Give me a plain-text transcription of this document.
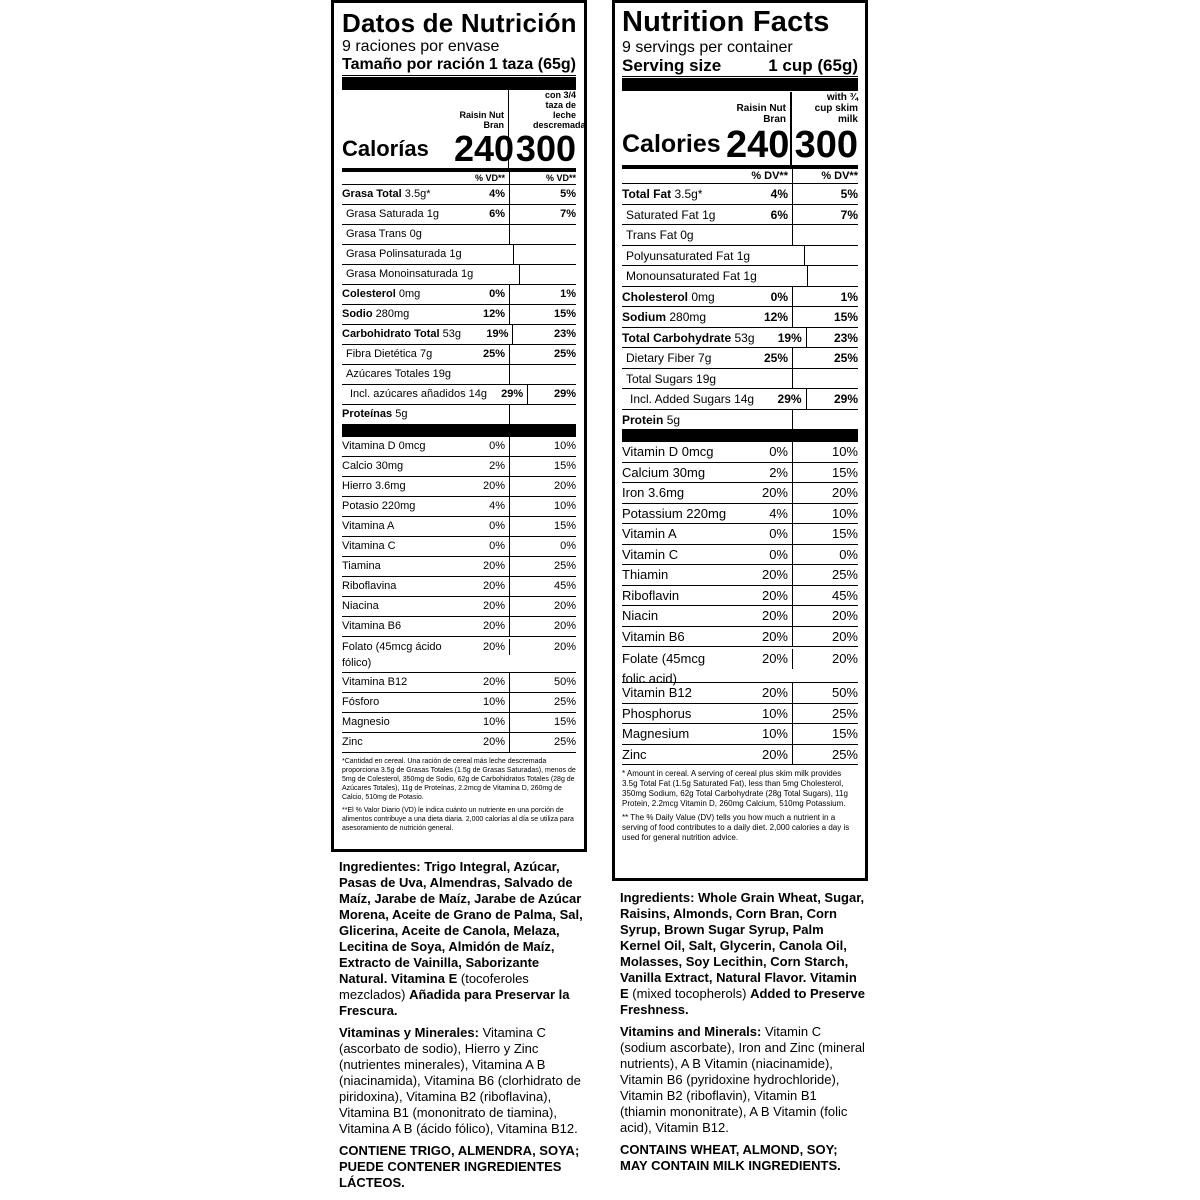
Datos de Nutrición
9 raciones por envase
Tamaño por ración 1 taza (65g)
Calorías
Raisin Nut Bran
240
con 3/4 taza de leche descremada
300
% VD**	% VD**
Grasa Total 3.5g*	4%	5%
Grasa Saturada 1g	6%	7%
Grasa Trans 0g
Grasa Polinsaturada 1g
Grasa Monoinsaturada 1g
Colesterol 0mg	0%	1%
Sodio 280mg	12%	15%
Carbohidrato Total 53g	19%	23%
Fibra Dietética 7g	25%	25%
Azúcares Totales 19g
Incl. azúcares añadidos 14g	29%	29%
Proteínas 5g
Vitamina D 0mcg	0%	10%
Calcio 30mg	2%	15%
Hierro 3.6mg	20%	20%
Potasio 220mg	4%	10%
Vitamina A	0%	15%
Vitamina C	0%	0%
Tiamina	20%	25%
Riboflavina	20%	45%
Niacina	20%	20%
Vitamina B6	20%	20%
Folato (45mcg ácido fólico)
20%	20%
Vitamina B12	20%	50%
Fósforo	10%	25%
Magnesio	10%	15%
Zinc	20%	25%

*Cantidad en cereal. Una ración de cereal más leche descremada proporciona 3.5g de Grasas Totales (1.5g de Grasas Saturadas), menos de 5mg de Colesterol, 350mg de Sodio, 62g de Carbohidratos Totales (28g de Azúcares Totales), 11g de Proteínas, 2.2mcg de Vitamina D, 260mg de Calcio, 510mg de Potasio.

**El % Valor Diario (VD) le indica cuánto un nutriente en una porción de alimentos contribuye a una dieta diaria. 2,000 calorías al día se utiliza para asesoramiento de nutrición general.

Nutrition Facts
9 servings per container
Serving size	1 cup (65g)
Calories
Raisin Nut Bran
240
with ¾ cup skim milk
300
% DV**	% DV**
Total Fat 3.5g*	4%	5%
Saturated Fat 1g	6%	7%
Trans Fat 0g
Polyunsaturated Fat 1g
Monounsaturated Fat 1g
Cholesterol 0mg	0%	1%
Sodium 280mg	12%	15%
Total Carbohydrate 53g	19%	23%
Dietary Fiber 7g	25%	25%
Total Sugars 19g
Incl. Added Sugars 14g	29%	29%
Protein 5g
Vitamin D 0mcg	0%	10%
Calcium 30mg	2%	15%
Iron 3.6mg	20%	20%
Potassium 220mg	4%	10%
Vitamin A	0%	15%
Vitamin C	0%	0%
Thiamin	20%	25%
Riboflavin	20%	45%
Niacin	20%	20%
Vitamin B6	20%	20%
Folate (45mcg folic acid)
20%	20%
Vitamin B12	20%	50%
Phosphorus	10%	25%
Magnesium	10%	15%
Zinc	20%	25%

* Amount in cereal. A serving of cereal plus skim milk provides 3.5g Total Fat (1.5g Saturated Fat), less than 5mg Cholesterol, 350mg Sodium, 62g Total Carbohydrate (28g Total Sugars), 11g Protein, 2.2mcg Vitamin D, 260mg Calcium, 510mg Potassium.

** The % Daily Value (DV) tells you how much a nutrient in a serving of food contributes to a daily diet. 2,000 calories a day is used for general nutrition advice.

Ingredientes: Trigo Integral, Azúcar, Pasas de Uva, Almendras, Salvado de Maíz, Jarabe de Maíz, Jarabe de Azúcar Morena, Aceite de Grano de Palma, Sal, Glicerina, Aceite de Canola, Melaza, Lecitina de Soya, Almidón de Maíz, Extracto de Vainilla, Saborizante Natural. Vitamina E (tocoferoles mezclados) Añadida para Preservar la Frescura.

Vitaminas y Minerales: Vitamina C (ascorbato de sodio), Hierro y Zinc (nutrientes minerales), Vitamina A B (niacinamida), Vitamina B6 (clorhidrato de piridoxina), Vitamina B2 (riboflavina), Vitamina B1 (mononitrato de tiamina), Vitamina A B (ácido fólico), Vitamina B12.

CONTIENE TRIGO, ALMENDRA, SOYA; PUEDE CONTENER INGREDIENTES LÁCTEOS.

Ingredients: Whole Grain Wheat, Sugar, Raisins, Almonds, Corn Bran, Corn Syrup, Brown Sugar Syrup, Palm Kernel Oil, Salt, Glycerin, Canola Oil, Molasses, Soy Lecithin, Corn Starch, Vanilla Extract, Natural Flavor. Vitamin E (mixed tocopherols) Added to Preserve Freshness.

Vitamins and Minerals: Vitamin C (sodium ascorbate), Iron and Zinc (mineral nutrients), A B Vitamin (niacinamide), Vitamin B6 (pyridoxine hydrochloride), Vitamin B2 (riboflavin), Vitamin B1 (thiamin mononitrate), A B Vitamin (folic acid), Vitamin B12.

CONTAINS WHEAT, ALMOND, SOY; MAY CONTAIN MILK INGREDIENTS.
